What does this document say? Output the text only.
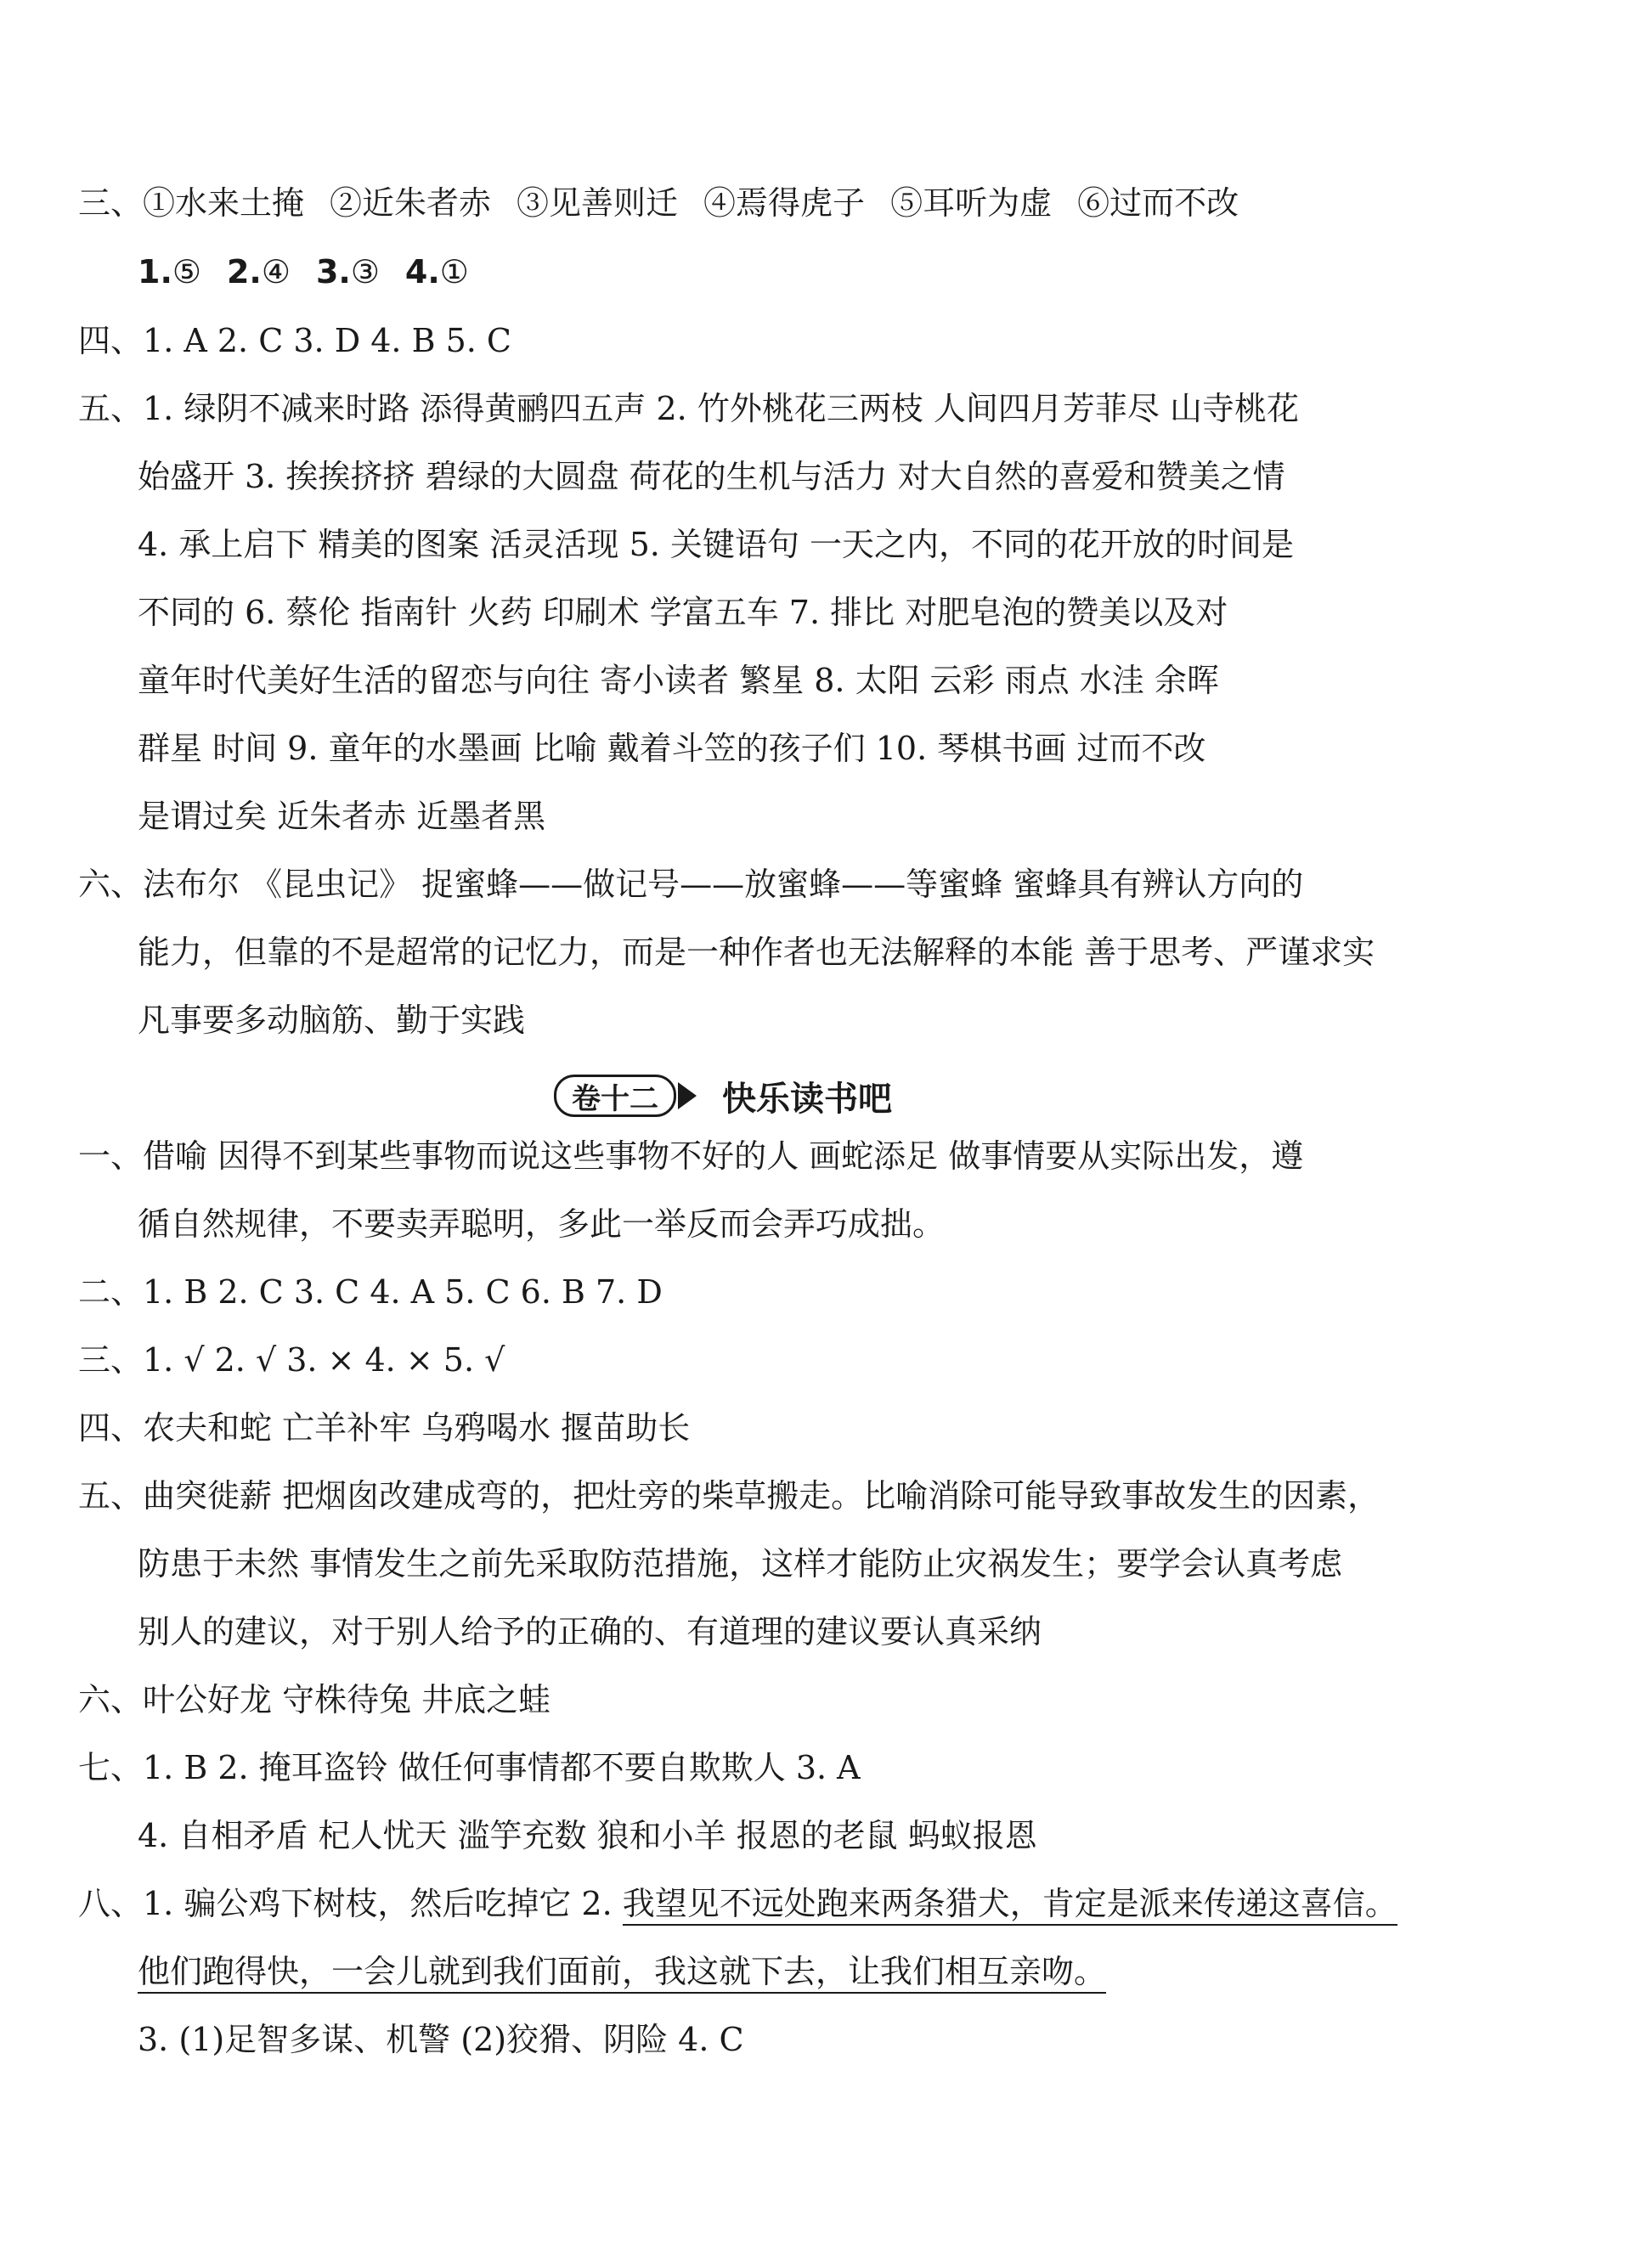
三、①水来土掩 ②近朱者赤 ③见善则迁 ④焉得虎子 ⑤耳听为虚 ⑥过而不改
1.⑤ 2.④ 3.③ 4.①
四、1. A 2. C 3. D 4. B 5. C
五、1. 绿阴不减来时路 添得黄鹂四五声 2. 竹外桃花三两枝 人间四月芳菲尽 山寺桃花
始盛开 3. 挨挨挤挤 碧绿的大圆盘 荷花的生机与活力 对大自然的喜爱和赞美之情
4. 承上启下 精美的图案 活灵活现 5. 关键语句 一天之内，不同的花开放的时间是
不同的 6. 蔡伦 指南针 火药 印刷术 学富五车 7. 排比 对肥皂泡的赞美以及对
童年时代美好生活的留恋与向往 寄小读者 繁星 8. 太阳 云彩 雨点 水洼 余晖
群星 时间 9. 童年的水墨画 比喻 戴着斗笠的孩子们 10. 琴棋书画 过而不改
是谓过矣 近朱者赤 近墨者黑
六、法布尔 《昆虫记》 捉蜜蜂——做记号——放蜜蜂——等蜜蜂 蜜蜂具有辨认方向的
能力，但靠的不是超常的记忆力，而是一种作者也无法解释的本能 善于思考、严谨求实
凡事要多动脑筋、勤于实践
卷十二	快乐读书吧
一、借喻 因得不到某些事物而说这些事物不好的人 画蛇添足 做事情要从实际出发，遵
循自然规律，不要卖弄聪明，多此一举反而会弄巧成拙。
二、1. B 2. C 3. C 4. A 5. C 6. B 7. D
三、1. √ 2. √ 3. × 4. × 5. √
四、农夫和蛇 亡羊补牢 乌鸦喝水 揠苗助长
五、曲突徙薪 把烟囱改建成弯的，把灶旁的柴草搬走。比喻消除可能导致事故发生的因素，
防患于未然 事情发生之前先采取防范措施，这样才能防止灾祸发生；要学会认真考虑
别人的建议，对于别人给予的正确的、有道理的建议要认真采纳
六、叶公好龙 守株待兔 井底之蛙
七、1. B 2. 掩耳盗铃 做任何事情都不要自欺欺人 3. A
4. 自相矛盾 杞人忧天 滥竽充数 狼和小羊 报恩的老鼠 蚂蚁报恩
八、1. 骗公鸡下树枝，然后吃掉它 2. 我望见不远处跑来两条猎犬，肯定是派来传递这喜信。
他们跑得快，一会儿就到我们面前，我这就下去，让我们相互亲吻。
3. (1)足智多谋、机警 (2)狡猾、阴险 4. C
